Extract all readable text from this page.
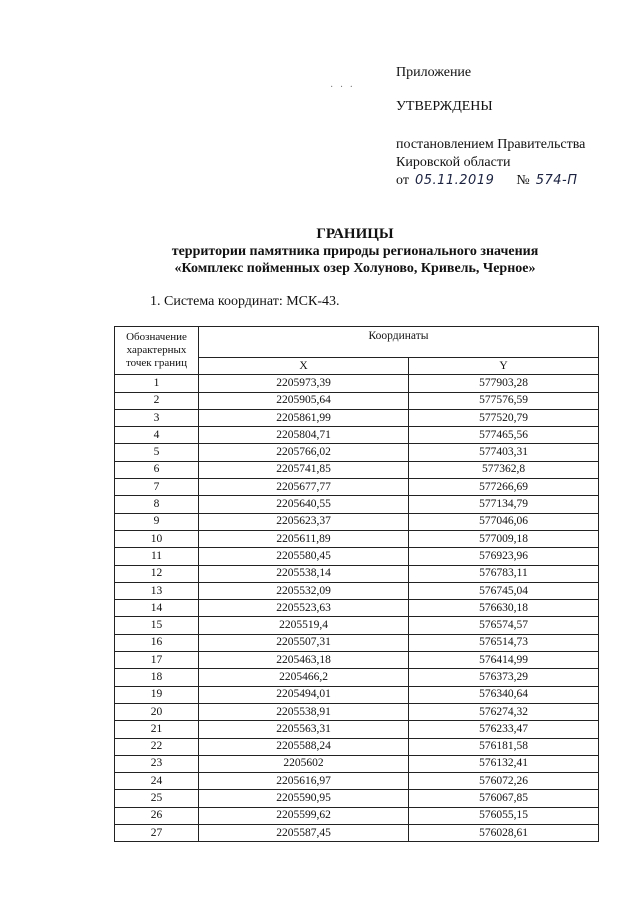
· · ·
Приложение
УТВЕРЖДЕНЫ
постановлением Правительства
Кировской области
от 05.11.2019 № 574-П
ГРАНИЦЫ
территории памятника природы регионального значения
«Комплекс пойменных озер Холуново, Кривель, Черное»
1. Система координат: МСК-43.
Обозначение характерных точек границ	Координаты	
	X	Y
1	2205973,39	577903,28
2	2205905,64	577576,59
3	2205861,99	577520,79
4	2205804,71	577465,56
5	2205766,02	577403,31
6	2205741,85	577362,8
7	2205677,77	577266,69
8	2205640,55	577134,79
9	2205623,37	577046,06
10	2205611,89	577009,18
11	2205580,45	576923,96
12	2205538,14	576783,11
13	2205532,09	576745,04
14	2205523,63	576630,18
15	2205519,4	576574,57
16	2205507,31	576514,73
17	2205463,18	576414,99
18	2205466,2	576373,29
19	2205494,01	576340,64
20	2205538,91	576274,32
21	2205563,31	576233,47
22	2205588,24	576181,58
23	2205602	576132,41
24	2205616,97	576072,26
25	2205590,95	576067,85
26	2205599,62	576055,15
27	2205587,45	576028,61
